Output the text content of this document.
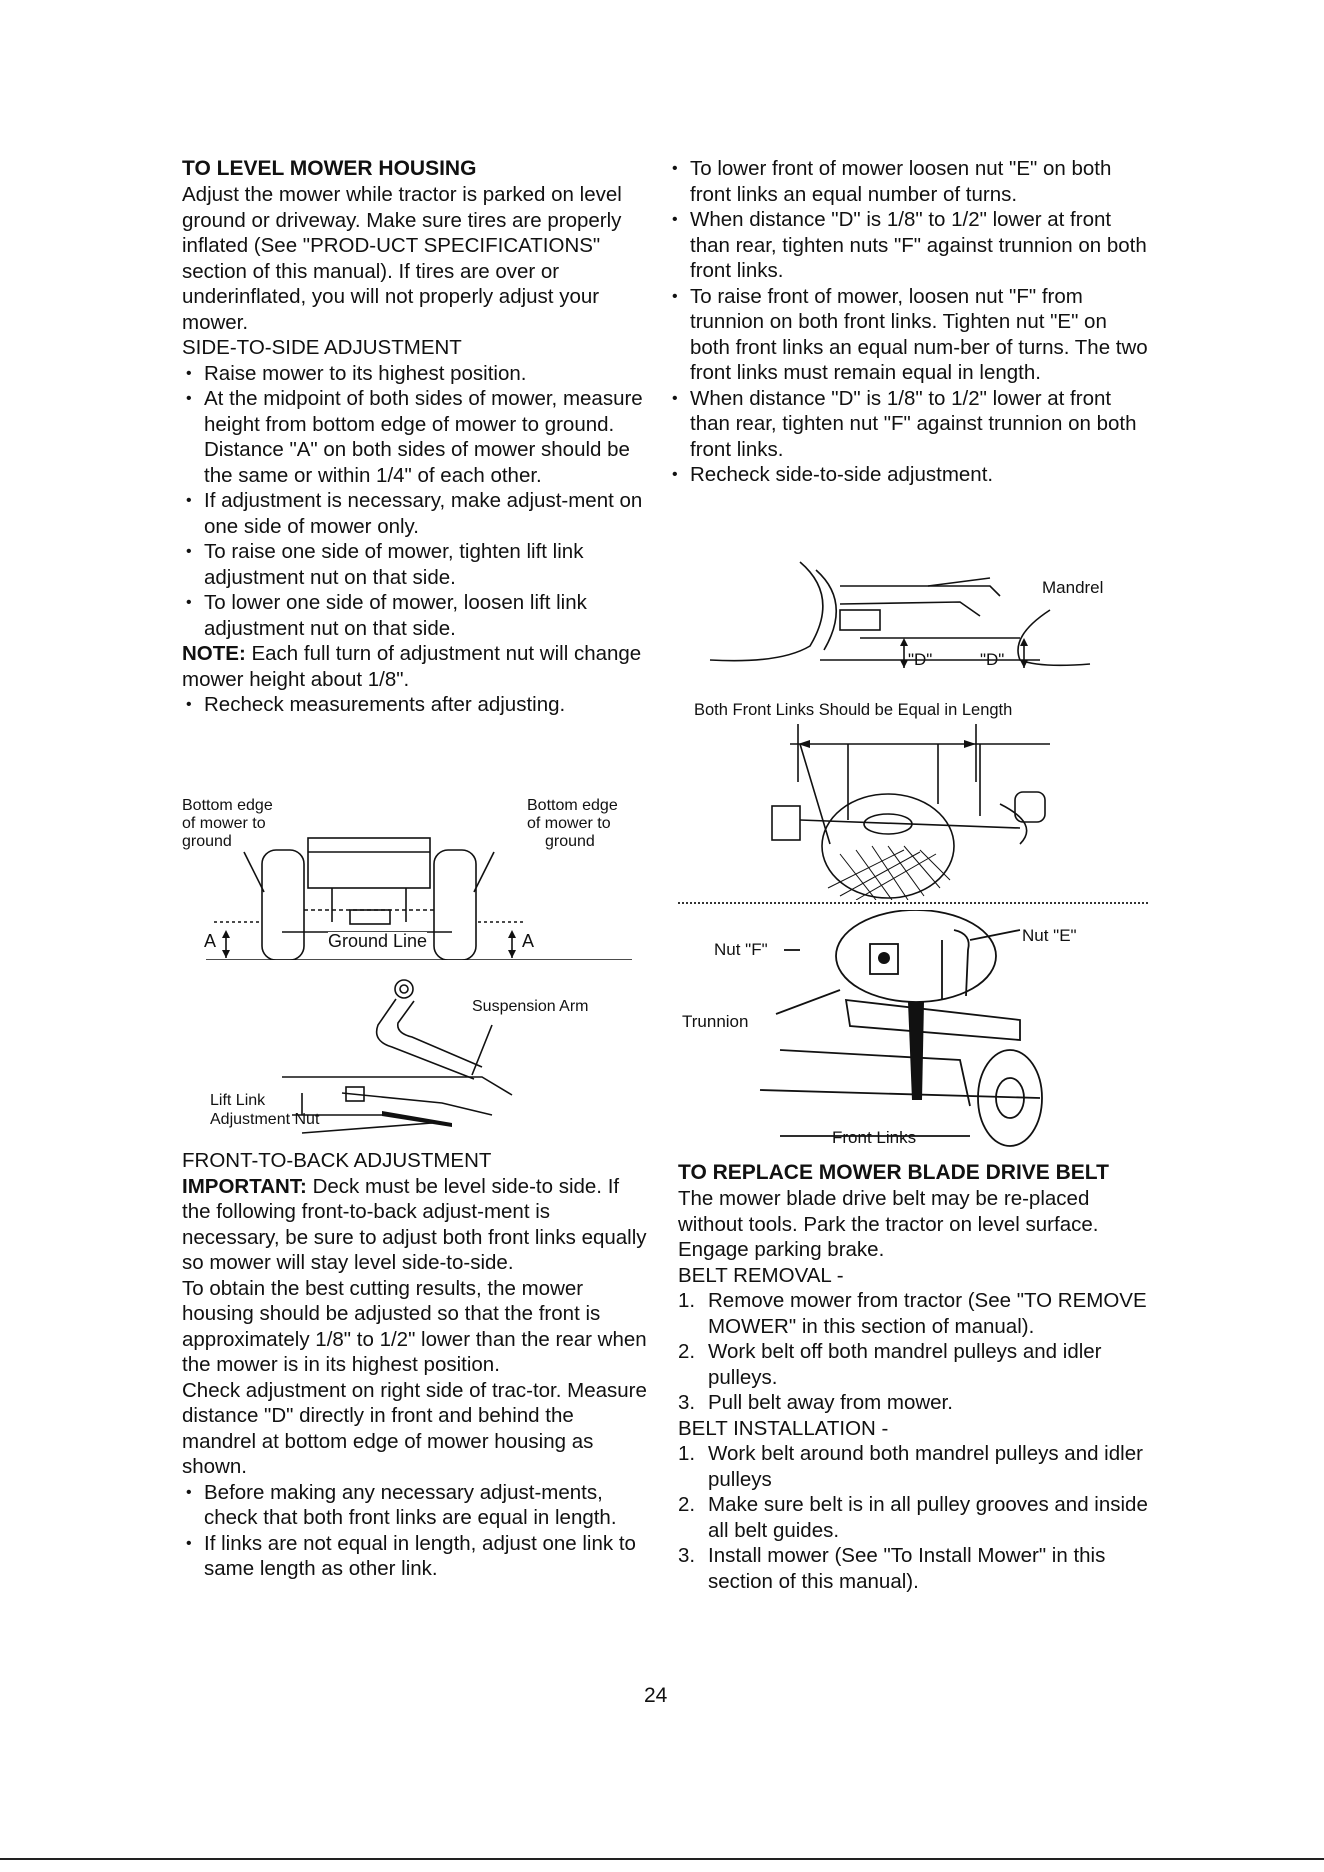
TO LEVEL MOWER HOUSING

Adjust the mower while tractor is parked on level ground or driveway. Make sure tires are properly inflated (See "PROD-UCT SPECIFICATIONS" section of this manual). If tires are over or underinflated, you will not properly adjust your mower.

SIDE-TO-SIDE ADJUSTMENT

• Raise mower to its highest position.
• At the midpoint of both sides of mower, measure height from bottom edge of mower to ground. Distance "A" on both sides of mower should be the same or within 1/4" of each other.
• If adjustment is necessary, make adjust-ment on one side of mower only.
• To raise one side of mower, tighten lift link adjustment nut on that side.
• To lower one side of mower, loosen lift link adjustment nut on that side.

NOTE: Each full turn of adjustment nut will change mower height about 1/8".

• Recheck measurements after adjusting.
Bottom edge
of mower to
ground
Bottom edge
of mower to
ground
A	A
Ground Line
Suspension Arm
Lift Link
Adjustment Nut

FRONT-TO-BACK ADJUSTMENT

IMPORTANT: Deck must be level side-to side. If the following front-to-back adjust-ment is necessary, be sure to adjust both front links equally so mower will stay level side-to-side.

To obtain the best cutting results, the mower housing should be adjusted so that the front is approximately 1/8" to 1/2" lower than the rear when the mower is in its highest position.

Check adjustment on right side of trac-tor. Measure distance "D" directly in front and behind the mandrel at bottom edge of mower housing as shown.

• Before making any necessary adjust-ments, check that both front links are equal in length.
• If links are not equal in length, adjust one link to same length as other link.
• To lower front of mower loosen nut "E" on both front links an equal number of turns.
• When distance "D" is 1/8" to 1/2" lower at front than rear, tighten nuts "F" against trunnion on both front links.
• To raise front of mower, loosen nut "F" from trunnion on both front links. Tighten nut "E" on both front links an equal num-ber of turns. The two front links must remain equal in length.
• When distance "D" is 1/8" to 1/2" lower at front than rear, tighten nut "F" against trunnion on both front links.
• Recheck side-to-side adjustment.
Mandrel
"D"	"D"
Both Front Links Should be Equal in Length
Nut "F"
Nut "E"
Trunnion
Front Links

TO REPLACE MOWER BLADE DRIVE BELT

The mower blade drive belt may be re-placed without tools. Park the tractor on level surface. Engage parking brake.

BELT REMOVAL -

1. Remove mower from tractor (See "TO REMOVE MOWER" in this section of manual).
2. Work belt off both mandrel pulleys and idler pulleys.
3. Pull belt away from mower.

BELT INSTALLATION -

1. Work belt around both mandrel pulleys and idler pulleys
2. Make sure belt is in all pulley grooves and inside all belt guides.
3. Install mower (See "To Install Mower" in this section of this manual).
24
